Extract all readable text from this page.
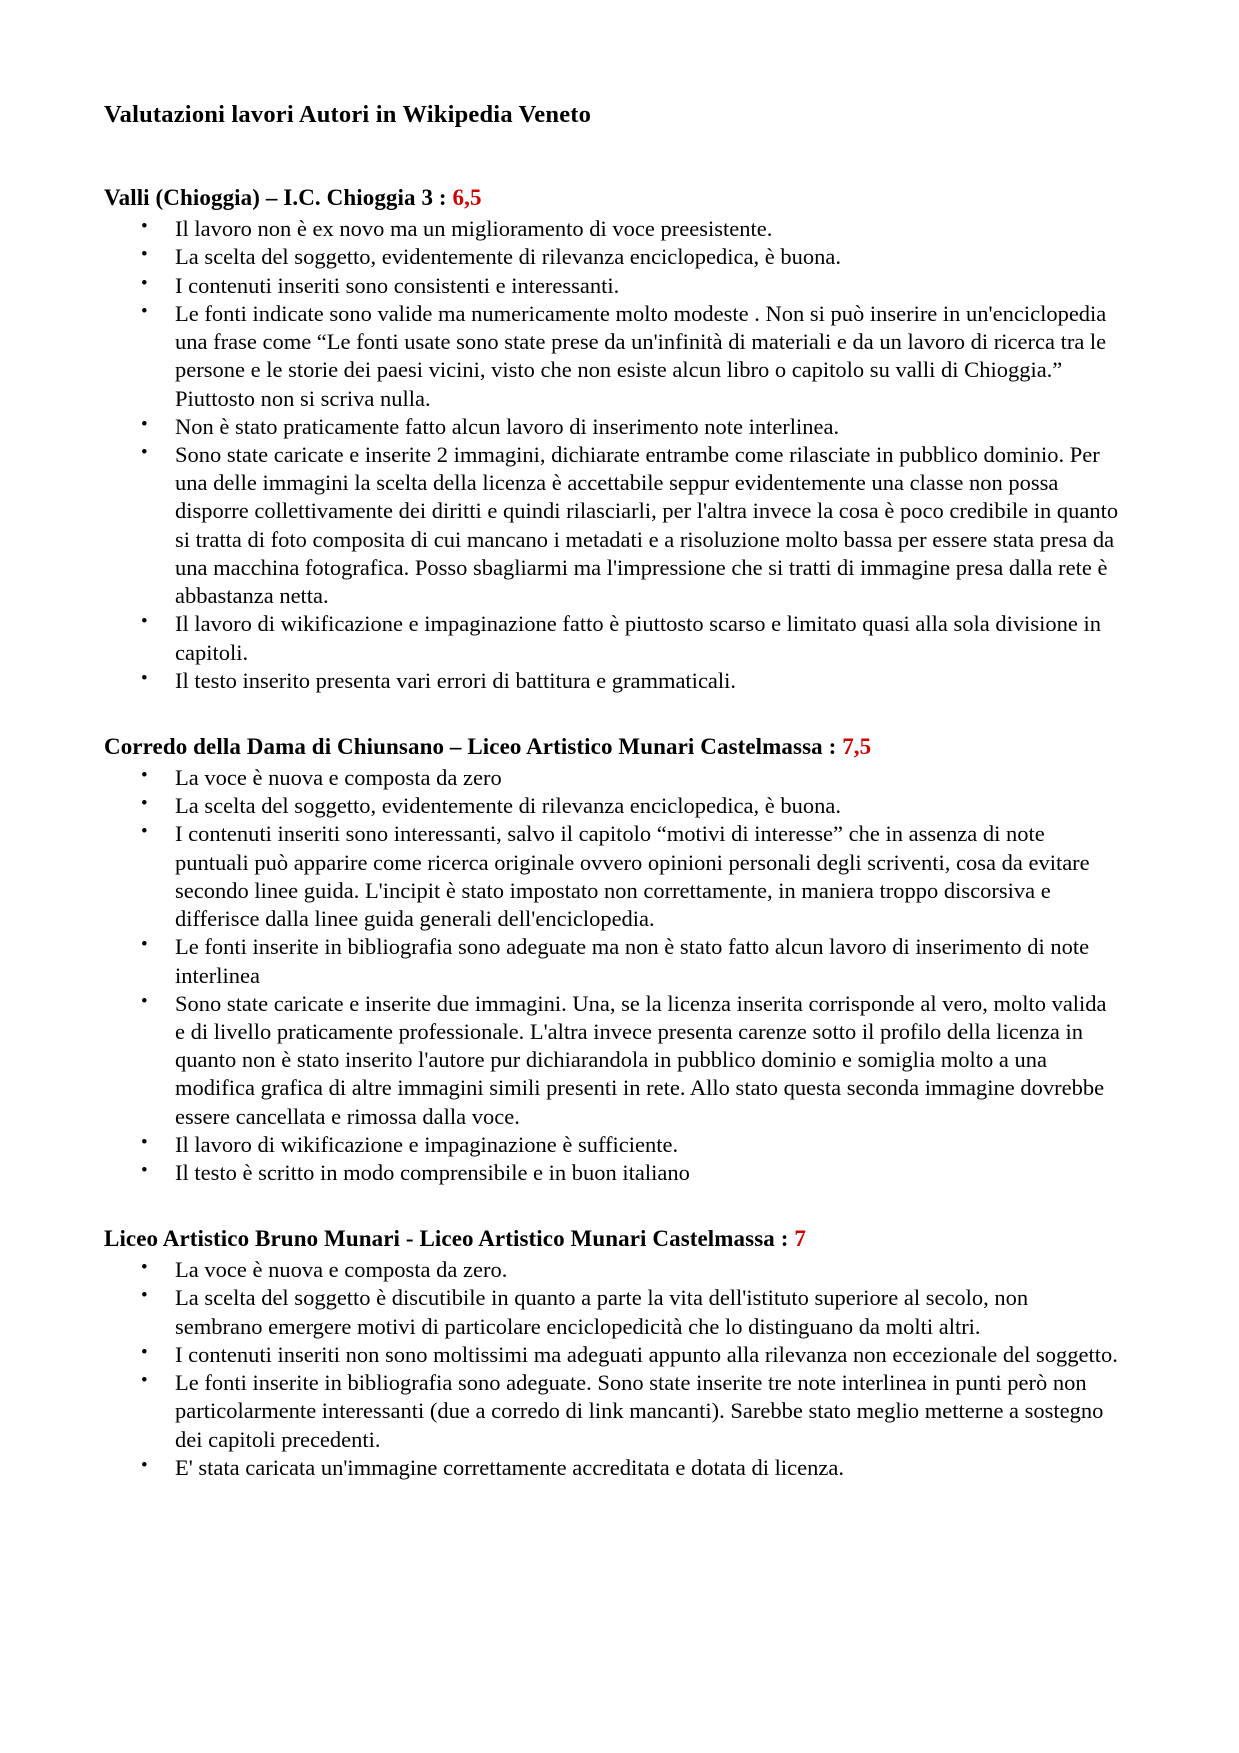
Valutazioni lavori Autori in Wikipedia Veneto
Valli (Chioggia) – I.C. Chioggia 3 : 6,5
• Il lavoro non è ex novo ma un miglioramento di voce preesistente.
• La scelta del soggetto, evidentemente di rilevanza enciclopedica, è buona.
• I contenuti inseriti sono consistenti e interessanti.
• Le fonti indicate sono valide ma numericamente molto modeste . Non si può inserire in un'enciclopedia una frase come “Le fonti usate sono state prese da un'infinità di materiali e da un lavoro di ricerca tra le persone e le storie dei paesi vicini, visto che non esiste alcun libro o capitolo su valli di Chioggia.” Piuttosto non si scriva nulla.
• Non è stato praticamente fatto alcun lavoro di inserimento note interlinea.
• Sono state caricate e inserite 2 immagini, dichiarate entrambe come rilasciate in pubblico dominio. Per una delle immagini la scelta della licenza è accettabile seppur evidentemente una classe non possa disporre collettivamente dei diritti e quindi rilasciarli, per l'altra invece la cosa è poco credibile in quanto si tratta di foto composita di cui mancano i metadati e a risoluzione molto bassa per essere stata presa da una macchina fotografica. Posso sbagliarmi ma l'impressione che si tratti di immagine presa dalla rete è abbastanza netta.
• Il lavoro di wikificazione e impaginazione fatto è piuttosto scarso e limitato quasi alla sola divisione in capitoli.
• Il testo inserito presenta vari errori di battitura e grammaticali.
Corredo della Dama di Chiunsano – Liceo Artistico Munari Castelmassa : 7,5
• La voce è nuova e composta da zero
• La scelta del soggetto, evidentemente di rilevanza enciclopedica, è buona.
• I contenuti inseriti sono interessanti, salvo il capitolo “motivi di interesse” che in assenza di note puntuali può apparire come ricerca originale ovvero opinioni personali degli scriventi, cosa da evitare secondo linee guida. L'incipit è stato impostato non correttamente, in maniera troppo discorsiva e differisce dalla linee guida generali dell'enciclopedia.
• Le fonti inserite in bibliografia sono adeguate ma non è stato fatto alcun lavoro di inserimento di note interlinea
• Sono state caricate e inserite due immagini. Una, se la licenza inserita corrisponde al vero, molto valida e di livello praticamente professionale. L'altra invece presenta carenze sotto il profilo della licenza in quanto non è stato inserito l'autore pur dichiarandola in pubblico dominio e somiglia molto a una modifica grafica di altre immagini simili presenti in rete. Allo stato questa seconda immagine dovrebbe essere cancellata e rimossa dalla voce.
• Il lavoro di wikificazione e impaginazione è sufficiente.
• Il testo è scritto in modo comprensibile e in buon italiano
Liceo Artistico Bruno Munari - Liceo Artistico Munari Castelmassa : 7
• La voce è nuova e composta da zero.
• La scelta del soggetto è discutibile in quanto a parte la vita dell'istituto superiore al secolo, non sembrano emergere motivi di particolare enciclopedicità che lo distinguano da molti altri.
• I contenuti inseriti non sono moltissimi ma adeguati appunto alla rilevanza non eccezionale del soggetto.
• Le fonti inserite in bibliografia sono adeguate. Sono state inserite tre note interlinea in punti però non particolarmente interessanti (due a corredo di link mancanti). Sarebbe stato meglio metterne a sostegno dei capitoli precedenti.
• E' stata caricata un'immagine correttamente accreditata e dotata di licenza.
